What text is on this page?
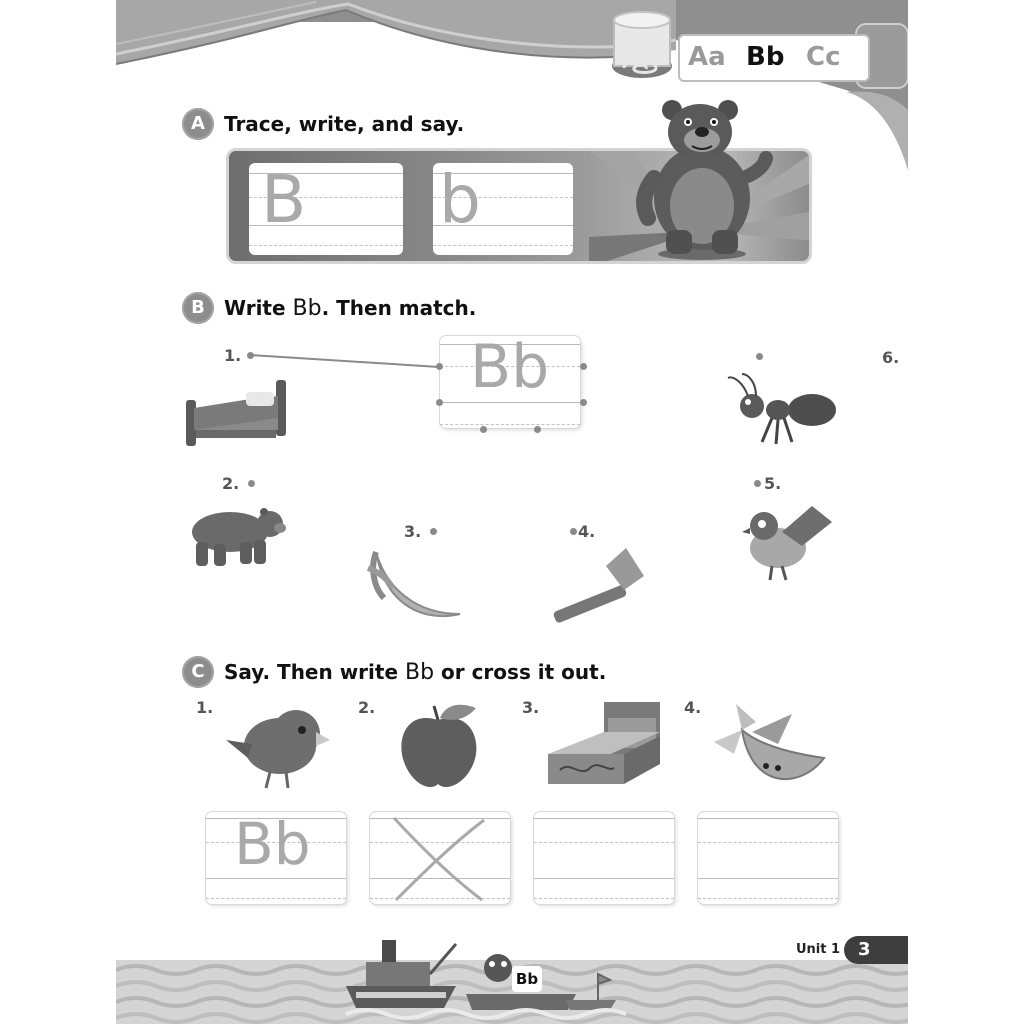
Aa Bb Cc
A Trace, write, and say.
B b
B Write Bb. Then match.
Bb
1.
2.
3.	4.
5.
6.
C Say. Then write Bb or cross it out.
1.	2.	3.	4.
Bb
Bb
Unit 1 3
